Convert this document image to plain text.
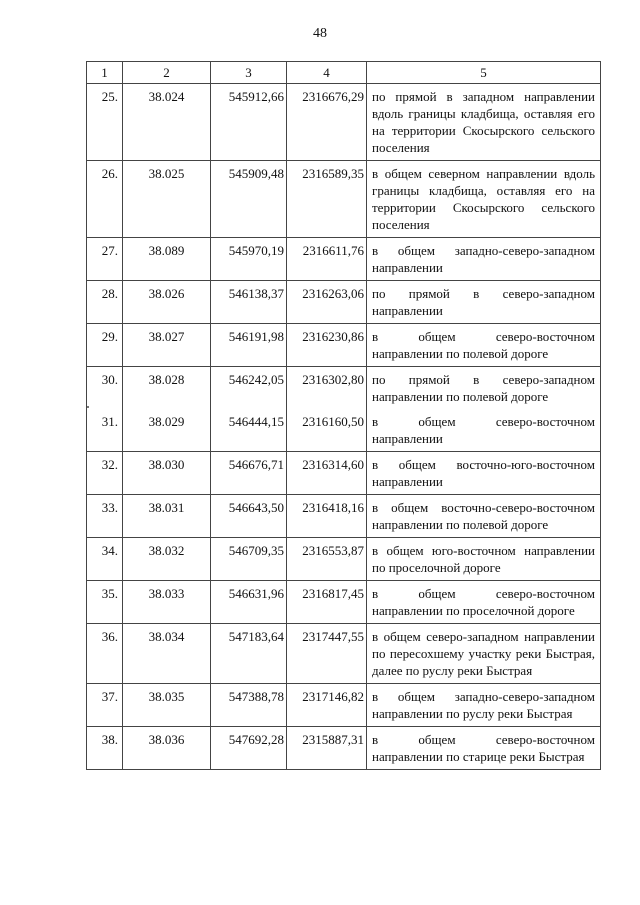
48
1	2	3	4	5
25.	38.024	545912,66	2316676,29	по прямой в западном направлении вдоль границы кладбища, оставляя его на территории Скосырского сельского поселения
26.	38.025	545909,48	2316589,35	в общем северном направлении вдоль границы кладбища, оставляя его на территории Скосырского сельского поселения
27.	38.089	545970,19	2316611,76	в общем западно-северо-западном направлении
28.	38.026	546138,37	2316263,06	по прямой в северо-западном направлении
29.	38.027	546191,98	2316230,86	в общем северо-восточном направлении по полевой дороге
30.	38.028	546242,05	2316302,80	по прямой в северо-западном направлении по полевой дороге
31.	38.029	546444,15	2316160,50	в общем северо-восточном направлении
32.	38.030	546676,71	2316314,60	в общем восточно-юго-восточном направлении
33.	38.031	546643,50	2316418,16	в общем восточно-северо-восточном направлении по полевой дороге
34.	38.032	546709,35	2316553,87	в общем юго-восточном направлении по проселочной дороге
35.	38.033	546631,96	2316817,45	в общем северо-восточном направлении по проселочной дороге
36.	38.034	547183,64	2317447,55	в общем северо-западном направлении по пересохшему участку реки Быстрая, далее по руслу реки Быстрая
37.	38.035	547388,78	2317146,82	в общем западно-северо-западном направлении по руслу реки Быстрая
38.	38.036	547692,28	2315887,31	в общем северо-восточном направлении по старице реки Быстрая
